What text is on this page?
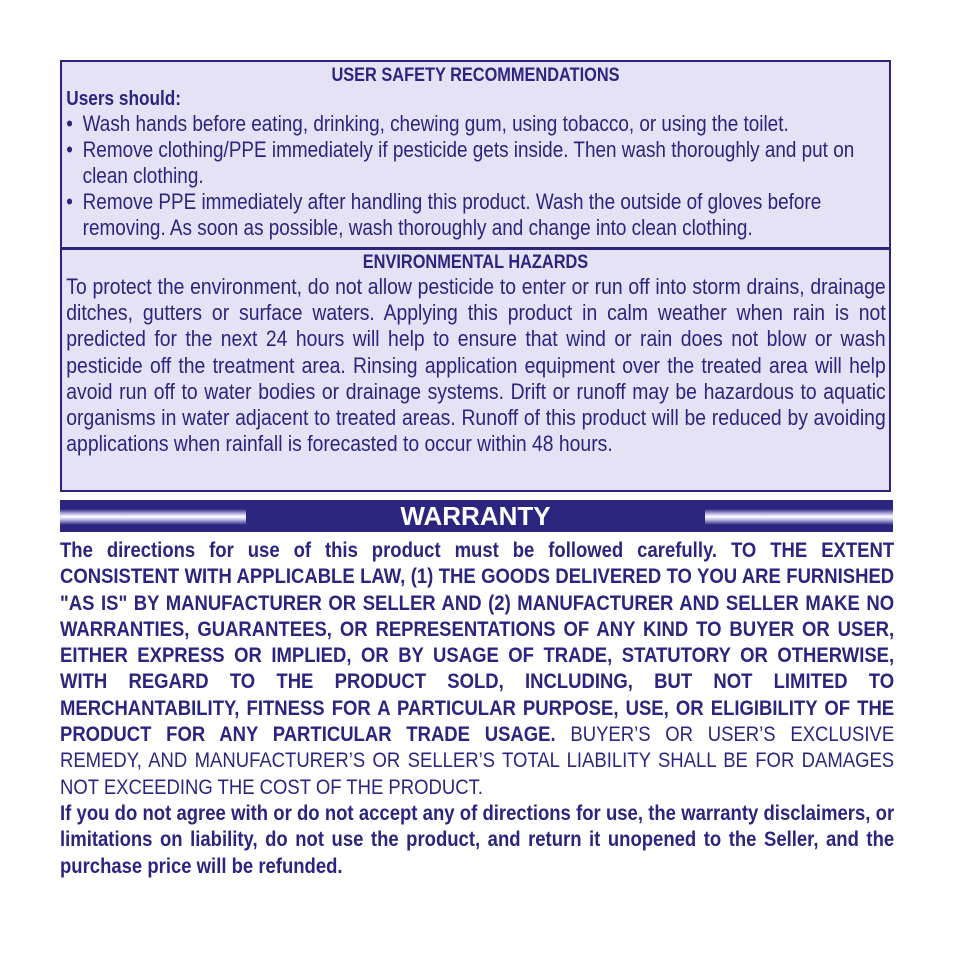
USER SAFETY RECOMMENDATIONS
Users should:
• Wash hands before eating, drinking, chewing gum, using tobacco, or using the toilet.
• Remove clothing/PPE immediately if pesticide gets inside. Then wash thoroughly and put on clean clothing.
• Remove PPE immediately after handling this product. Wash the outside of gloves before removing. As soon as possible, wash thoroughly and change into clean clothing.
ENVIRONMENTAL HAZARDS
To protect the environment, do not allow pesticide to enter or run off into storm drains, drainage ditches, gutters or surface waters. Applying this product in calm weather when rain is not predicted for the next 24 hours will help to ensure that wind or rain does not blow or wash pesticide off the treatment area. Rinsing application equipment over the treated area will help avoid run off to water bodies or drainage systems. Drift or runoff may be hazardous to aquatic organisms in water adjacent to treated areas. Runoff of this product will be reduced by avoiding applications when rainfall is forecasted to occur within 48 hours.
WARRANTY
The directions for use of this product must be followed carefully. TO THE EXTENT CONSISTENT WITH APPLICABLE LAW, (1) THE GOODS DELIVERED TO YOU ARE FURNISHED "AS IS" BY MANUFACTURER OR SELLER AND (2) MANUFACTURER AND SELLER MAKE NO WARRANTIES, GUARANTEES, OR REPRESENTATIONS OF ANY KIND TO BUYER OR USER, EITHER EXPRESS OR IMPLIED, OR BY USAGE OF TRADE, STATUTORY OR OTHERWISE, WITH REGARD TO THE PRODUCT SOLD, INCLUDING, BUT NOT LIMITED TO MERCHANTABILITY, FITNESS FOR A PARTICULAR PURPOSE, USE, OR ELIGIBILITY OF THE PRODUCT FOR ANY PARTICULAR TRADE USAGE. BUYER’S OR USER’S EXCLUSIVE REMEDY, AND MANUFACTURER’S OR SELLER’S TOTAL LIABILITY SHALL BE FOR DAMAGES NOT EXCEEDING THE COST OF THE PRODUCT.
If you do not agree with or do not accept any of directions for use, the warranty disclaimers, or limitations on liability, do not use the product, and return it unopened to the Seller, and the purchase price will be refunded.
